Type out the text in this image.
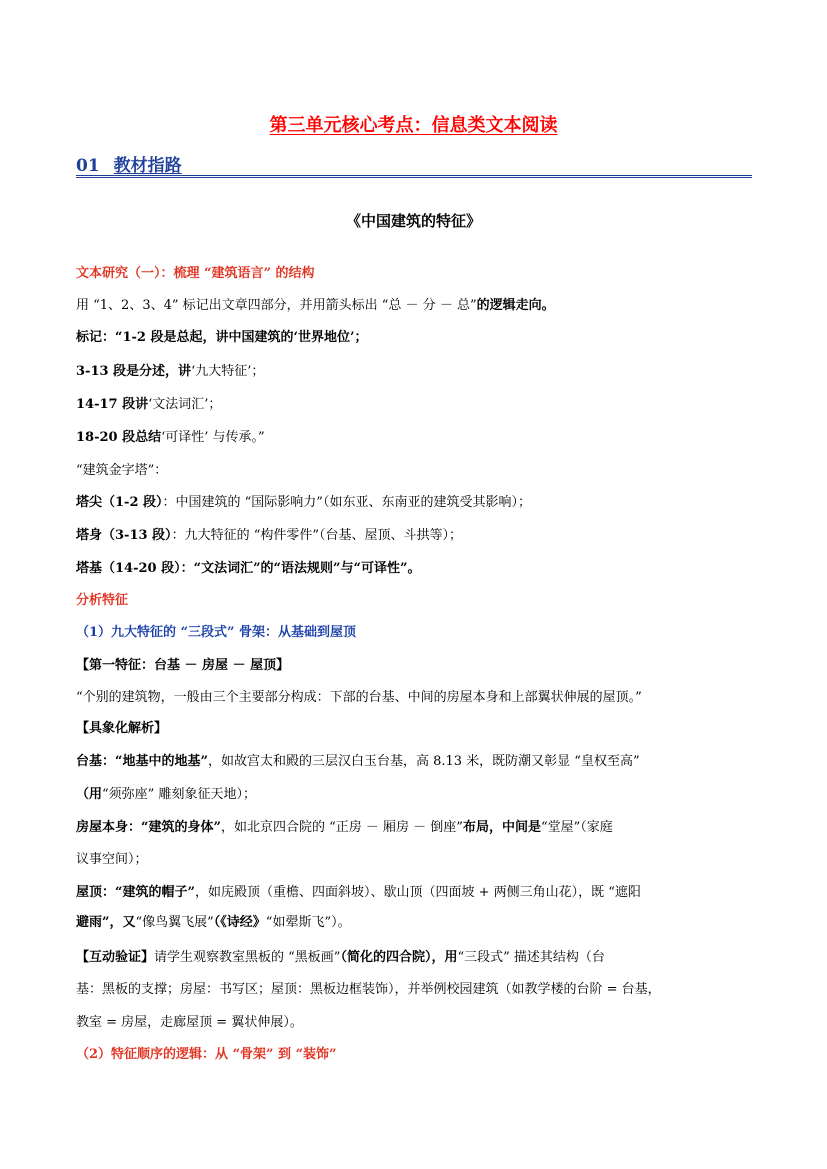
第三单元核心考点：信息类文本阅读
01 教材指路
《中国建筑的特征》
文本研究（一）：梳理 “建筑语言” 的结构
用 “1、2、3、4” 标记出文章四部分，并用箭头标出 “总 － 分 － 总”的逻辑走向。
标记：“1-2 段是总起，讲中国建筑的‘世界地位’；
3-13 段是分述，讲‘九大特征’；
14-17 段讲‘文法词汇’；
18-20 段总结‘可译性’ 与传承。”
“建筑金字塔”：
塔尖（1-2 段）：中国建筑的 “国际影响力”（如东亚、东南亚的建筑受其影响）；
塔身（3-13 段）：九大特征的 “构件零件”（台基、屋顶、斗拱等）；
塔基（14-20 段）：“文法词汇”的“语法规则”与“可译性”。
分析特征
（1）九大特征的 “三段式” 骨架：从基础到屋顶
【第一特征：台基 － 房屋 － 屋顶】
“个别的建筑物，一般由三个主要部分构成：下部的台基、中间的房屋本身和上部翼状伸展的屋顶。”
【具象化解析】
台基：“地基中的地基”，如故宫太和殿的三层汉白玉台基，高 8.13 米，既防潮又彰显 “皇权至高”
（用“须弥座” 雕刻象征天地）；
房屋本身：“建筑的身体”，如北京四合院的 “正房 － 厢房 － 倒座”布局，中间是“堂屋”（家庭
议事空间）；
屋顶：“建筑的帽子”，如庑殿顶（重檐、四面斜坡）、歇山顶（四面坡 + 两侧三角山花），既 “遮阳
避雨”，又“像鸟翼飞展”（《诗经》“如翚斯飞”）。
【互动验证】请学生观察教室黑板的 “黑板画”（简化的四合院），用“三段式” 描述其结构（台
基：黑板的支撑；房屋：书写区；屋顶：黑板边框装饰），并举例校园建筑（如教学楼的台阶 = 台基，
教室 = 房屋，走廊屋顶 = 翼状伸展）。
（2）特征顺序的逻辑：从 “骨架” 到 “装饰”
